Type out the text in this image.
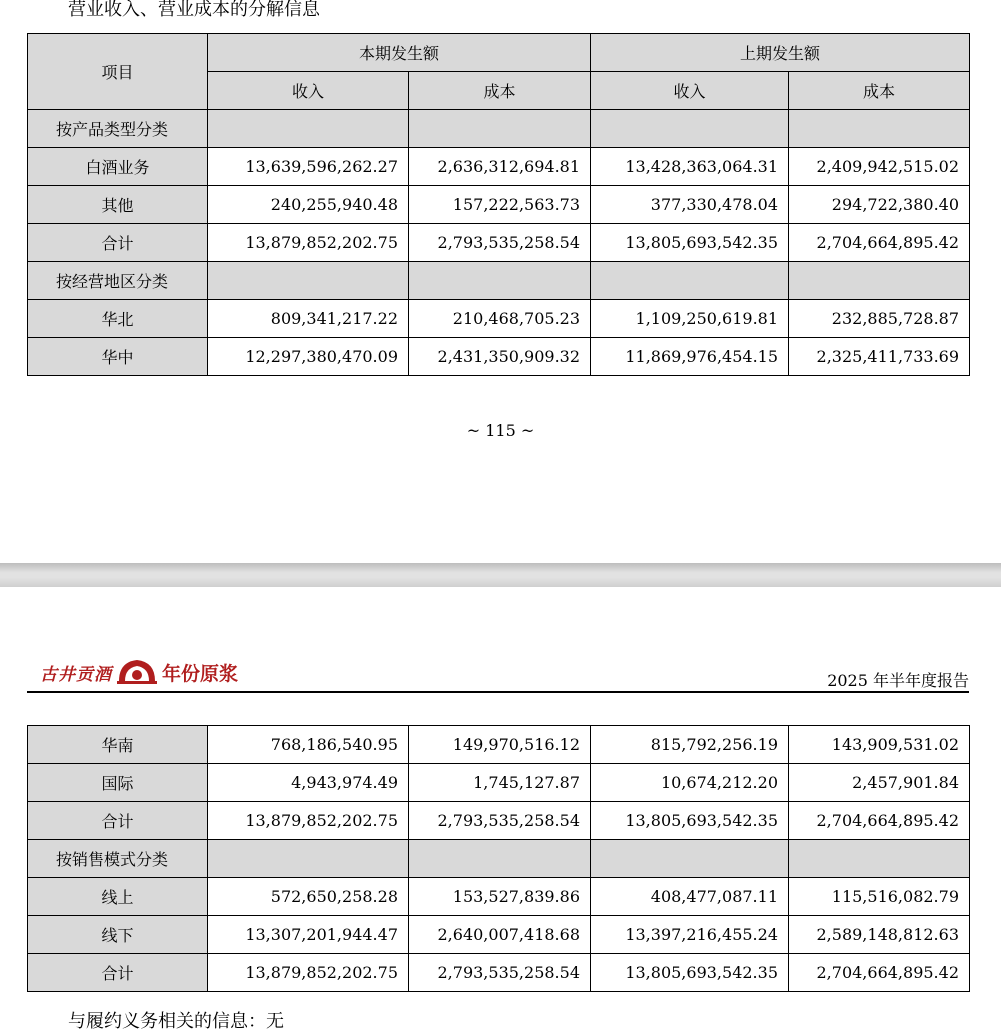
营业收入、营业成本的分解信息
项目	本期发生额		上期发生额	
	收入	成本	收入	成本
按产品类型分类				
白酒业务	13,639,596,262.27	2,636,312,694.81	13,428,363,064.31	2,409,942,515.02
其他	240,255,940.48	157,222,563.73	377,330,478.04	294,722,380.40
合计	13,879,852,202.75	2,793,535,258.54	13,805,693,542.35	2,704,664,895.42
按经营地区分类				
华北	809,341,217.22	210,468,705.23	1,109,250,619.81	232,885,728.87
华中	12,297,380,470.09	2,431,350,909.32	11,869,976,454.15	2,325,411,733.69
~ 115 ~
古井贡酒	年份原浆	2025 年半年度报告
华南	768,186,540.95	149,970,516.12	815,792,256.19	143,909,531.02
国际	4,943,974.49	1,745,127.87	10,674,212.20	2,457,901.84
合计	13,879,852,202.75	2,793,535,258.54	13,805,693,542.35	2,704,664,895.42
按销售模式分类				
线上	572,650,258.28	153,527,839.86	408,477,087.11	115,516,082.79
线下	13,307,201,944.47	2,640,007,418.68	13,397,216,455.24	2,589,148,812.63
合计	13,879,852,202.75	2,793,535,258.54	13,805,693,542.35	2,704,664,895.42
与履约义务相关的信息：无
